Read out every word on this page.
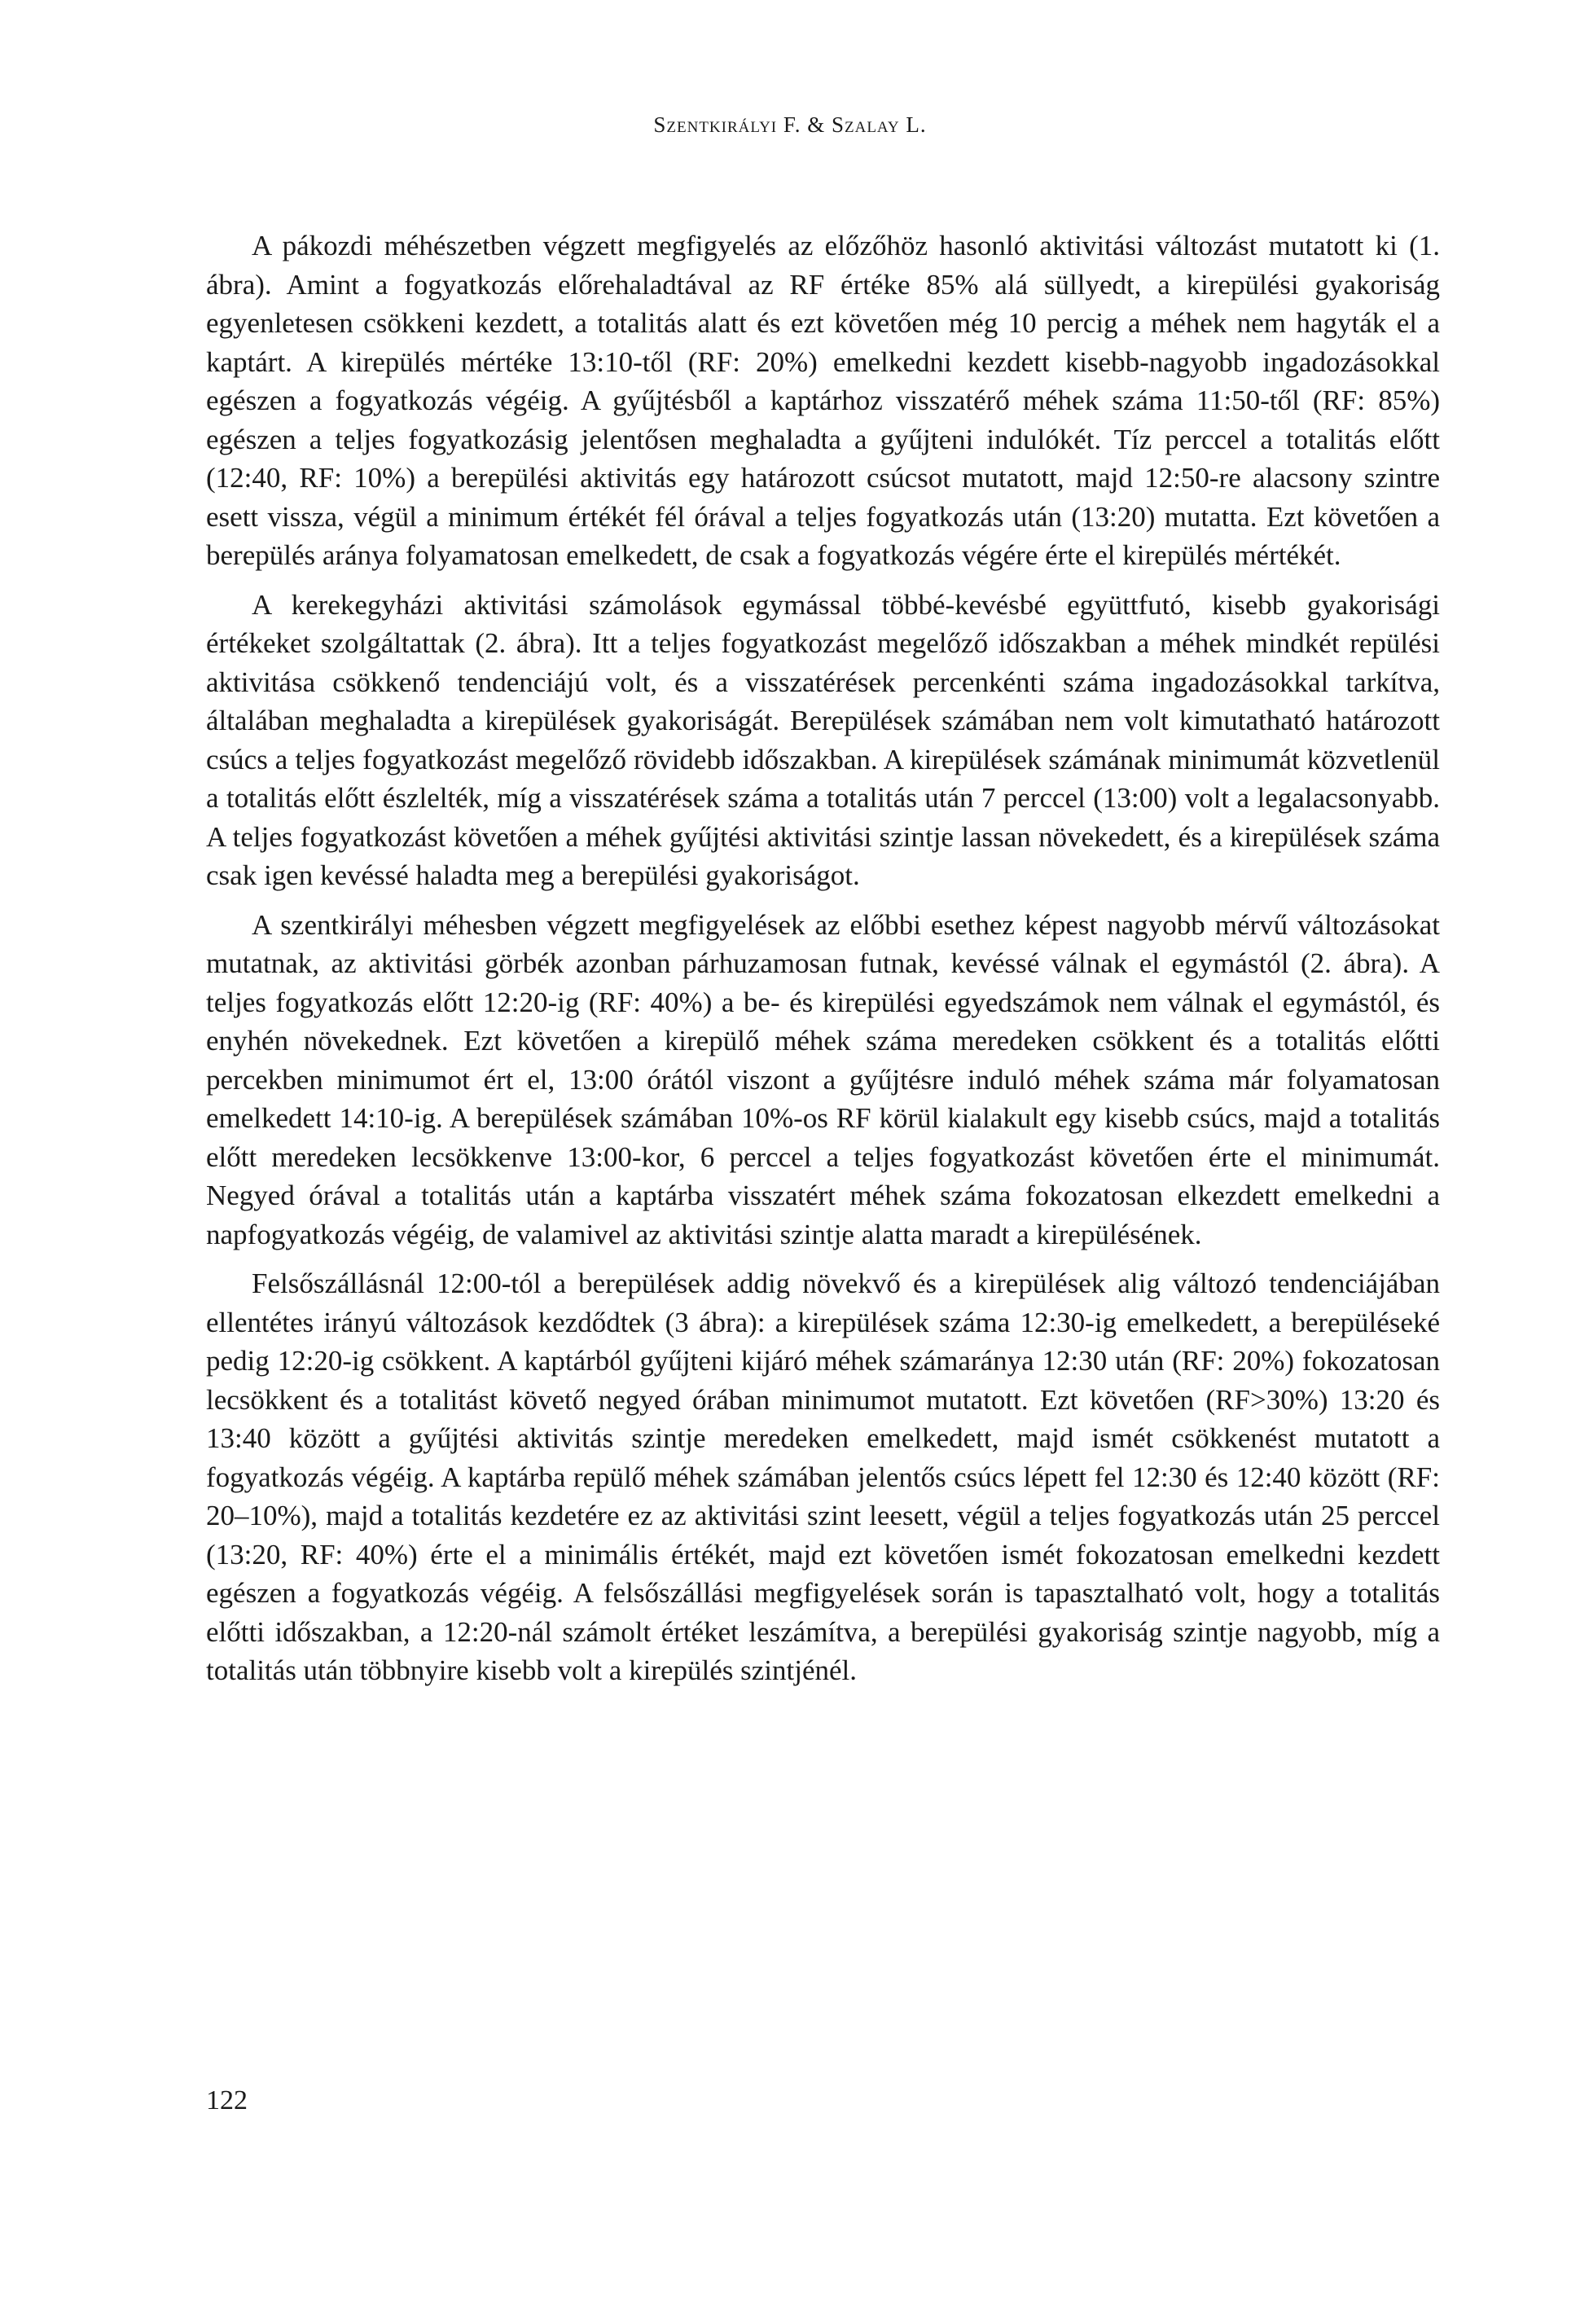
Szentkirályi F. & Szalay L.

A pákozdi méhészetben végzett megfigyelés az előzőhöz hasonló aktivitási változást mutatott ki (1. ábra). Amint a fogyatkozás előrehaladtával az RF értéke 85% alá süllyedt, a kirepülési gyakoriság egyenletesen csökkeni kezdett, a totalitás alatt és ezt követően még 10 percig a méhek nem hagyták el a kaptárt. A kirepülés mértéke 13:10-től (RF: 20%) emelkedni kezdett kisebb-nagyobb ingadozásokkal egészen a fogyatkozás végéig. A gyűjtésből a kaptárhoz visszatérő méhek száma 11:50-től (RF: 85%) egészen a teljes fogyatkozásig jelentősen meghaladta a gyűjteni indulókét. Tíz perccel a totalitás előtt (12:40, RF: 10%) a berepülési aktivitás egy határozott csúcsot mutatott, majd 12:50-re alacsony szintre esett vissza, végül a minimum értékét fél órával a teljes fogyatkozás után (13:20) mutatta. Ezt követően a berepülés aránya folyamatosan emelkedett, de csak a fogyatkozás végére érte el kirepülés mértékét.

A kerekegyházi aktivitási számolások egymással többé-kevésbé együttfutó, kisebb gyakorisági értékeket szolgáltattak (2. ábra). Itt a teljes fogyatkozást megelőző időszakban a méhek mindkét repülési aktivitása csökkenő tendenciájú volt, és a visszatérések percenkénti száma ingadozásokkal tarkítva, általában meghaladta a kirepülések gyakoriságát. Berepülések számában nem volt kimutatható határozott csúcs a teljes fogyatkozást megelőző rövidebb időszakban. A kirepülések számának minimumát közvetlenül a totalitás előtt észlelték, míg a visszatérések száma a totalitás után 7 perccel (13:00) volt a legalacsonyabb. A teljes fogyatkozást követően a méhek gyűjtési aktivitási szintje lassan növekedett, és a kirepülések száma csak igen kevéssé haladta meg a berepülési gyakoriságot.

A szentkirályi méhesben végzett megfigyelések az előbbi esethez képest nagyobb mérvű változásokat mutatnak, az aktivitási görbék azonban párhuzamosan futnak, kevéssé válnak el egymástól (2. ábra). A teljes fogyatkozás előtt 12:20-ig (RF: 40%) a be- és kirepülési egyedszámok nem válnak el egymástól, és enyhén növekednek. Ezt követően a kirepülő méhek száma meredeken csökkent és a totalitás előtti percekben minimumot ért el, 13:00 órától viszont a gyűjtésre induló méhek száma már folyamatosan emelkedett 14:10-ig. A berepülések számában 10%-os RF körül kialakult egy kisebb csúcs, majd a totalitás előtt meredeken lecsökkenve 13:00-kor, 6 perccel a teljes fogyatkozást követően érte el minimumát. Negyed órával a totalitás után a kaptárba visszatért méhek száma fokozatosan elkezdett emelkedni a napfogyatkozás végéig, de valamivel az aktivitási szintje alatta maradt a kirepülésének.

Felsőszállásnál 12:00-tól a berepülések addig növekvő és a kirepülések alig változó tendenciájában ellentétes irányú változások kezdődtek (3 ábra): a kirepülések száma 12:30-ig emelkedett, a berepüléseké pedig 12:20-ig csökkent. A kaptárból gyűjteni kijáró méhek számaránya 12:30 után (RF: 20%) fokozatosan lecsökkent és a totalitást követő negyed órában minimumot mutatott. Ezt követően (RF>30%) 13:20 és 13:40 között a gyűjtési aktivitás szintje meredeken emelkedett, majd ismét csökkenést mutatott a fogyatkozás végéig. A kaptárba repülő méhek számában jelentős csúcs lépett fel 12:30 és 12:40 között (RF: 20–10%), majd a totalitás kezdetére ez az aktivitási szint leesett, végül a teljes fogyatkozás után 25 perccel (13:20, RF: 40%) érte el a minimális értékét, majd ezt követően ismét fokozatosan emelkedni kezdett egészen a fogyatkozás végéig. A felsőszállási megfigyelések során is tapasztalható volt, hogy a totalitás előtti időszakban, a 12:20-nál számolt értéket leszámítva, a berepülési gyakoriság szintje nagyobb, míg a totalitás után többnyire kisebb volt a kirepülés szintjénél.

122
